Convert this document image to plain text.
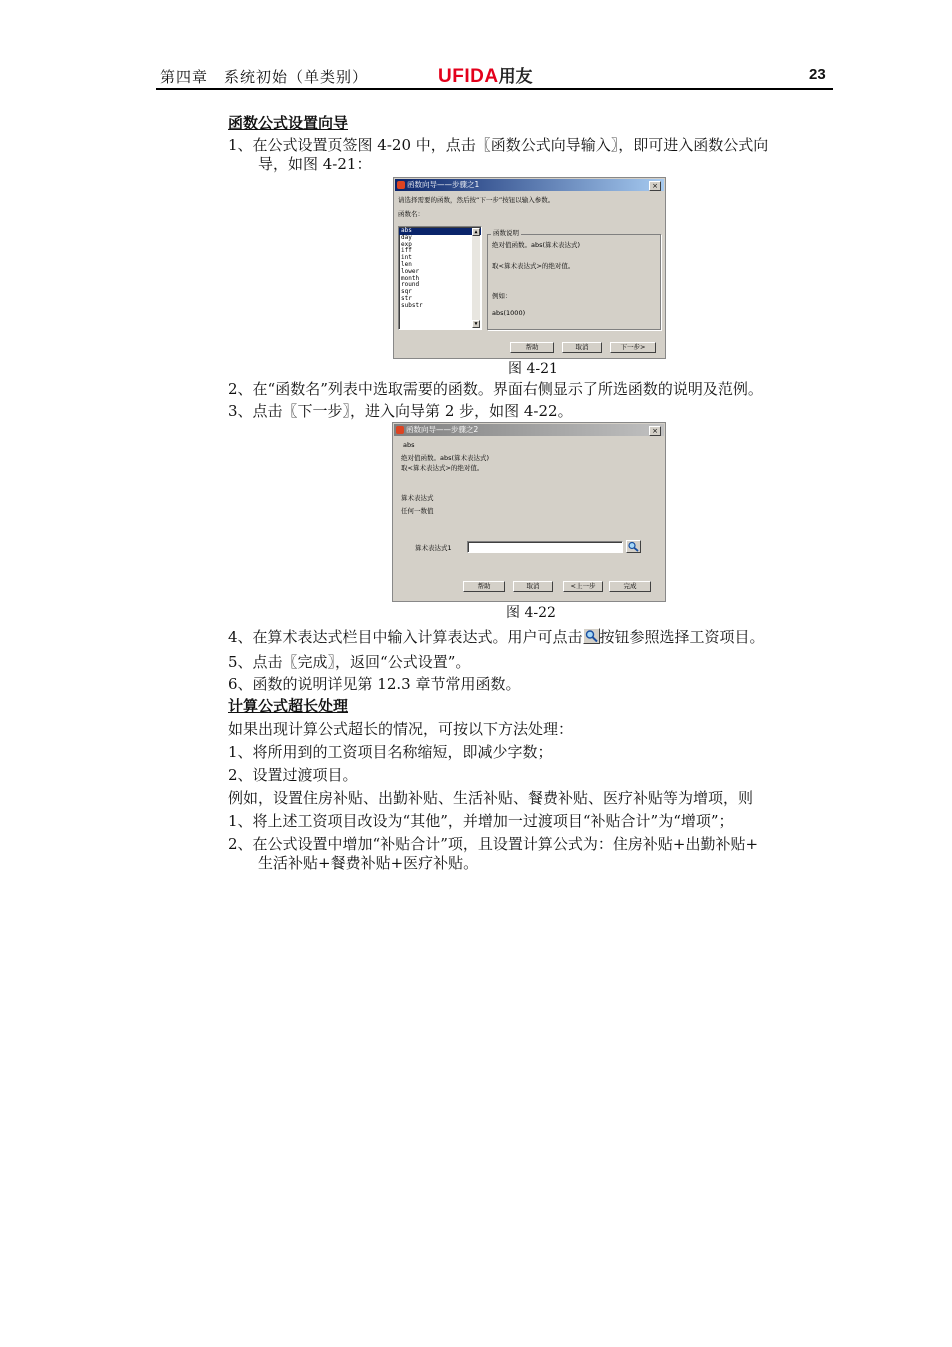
第四章　系统初始（单类别）	UFIDA用友	23
函数公式设置向导
1、在公式设置页签图 4-20 中，点击〖函数公式向导输入〗，即可进入函数公式向
导，如图 4-21：
函数向导——步骤之1	×
请选择需要的函数，然后按“下一步”按钮以输入参数。
函数名：
abs
day
exp
iff
int
len
lower
month
round
sqr
str
substr
▲
▼
函数说明
绝对值函数。abs(算术表达式)
取<算术表达式>的绝对值。
例如：
abs(1000)
帮助	取消	下一步>
图 4-21
2、在“函数名”列表中选取需要的函数。界面右侧显示了所选函数的说明及范例。
3、点击〖下一步〗，进入向导第 2 步，如图 4-22。
函数向导——步骤之2	×
abs
绝对值函数。abs(算术表达式)
取<算术表达式>的绝对值。
算术表达式
任何一数值
算术表达式1
帮助	取消	<上一步	完成
图 4-22
4、在算术表达式栏目中输入计算表达式。用户可点击 按钮参照选择工资项目。
5、点击〖完成〗，返回“公式设置”。
6、函数的说明详见第 12.3 章节常用函数。
计算公式超长处理
如果出现计算公式超长的情况，可按以下方法处理：
1、将所用到的工资项目名称缩短，即减少字数；
2、设置过渡项目。
例如，设置住房补贴、出勤补贴、生活补贴、餐费补贴、医疗补贴等为增项，则
1、将上述工资项目改设为“其他”，并增加一过渡项目“补贴合计”为“增项”；
2、在公式设置中增加“补贴合计”项，且设置计算公式为：住房补贴+出勤补贴+
生活补贴+餐费补贴+医疗补贴。
